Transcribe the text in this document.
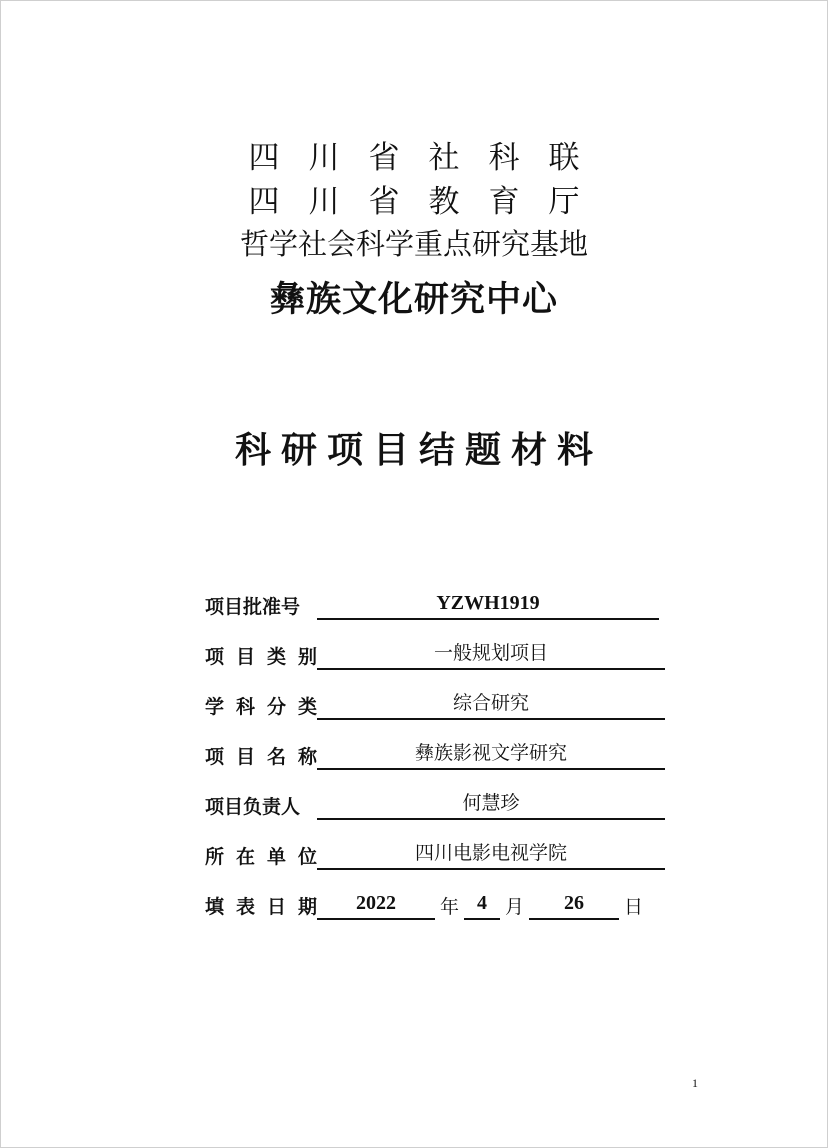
四川省社科联
四川省教育厅
哲学社会科学重点研究基地
彝族文化研究中心
科研项目结题材料
项目批准号	YZWH1919
项 目 类 别	一般规划项目
学 科 分 类	综合研究
项 目 名 称	彝族影视文学研究
项目负责人	何慧珍
所 在 单 位	四川电影电视学院
填 表 日 期	2022	年 4 月	26	日
1
